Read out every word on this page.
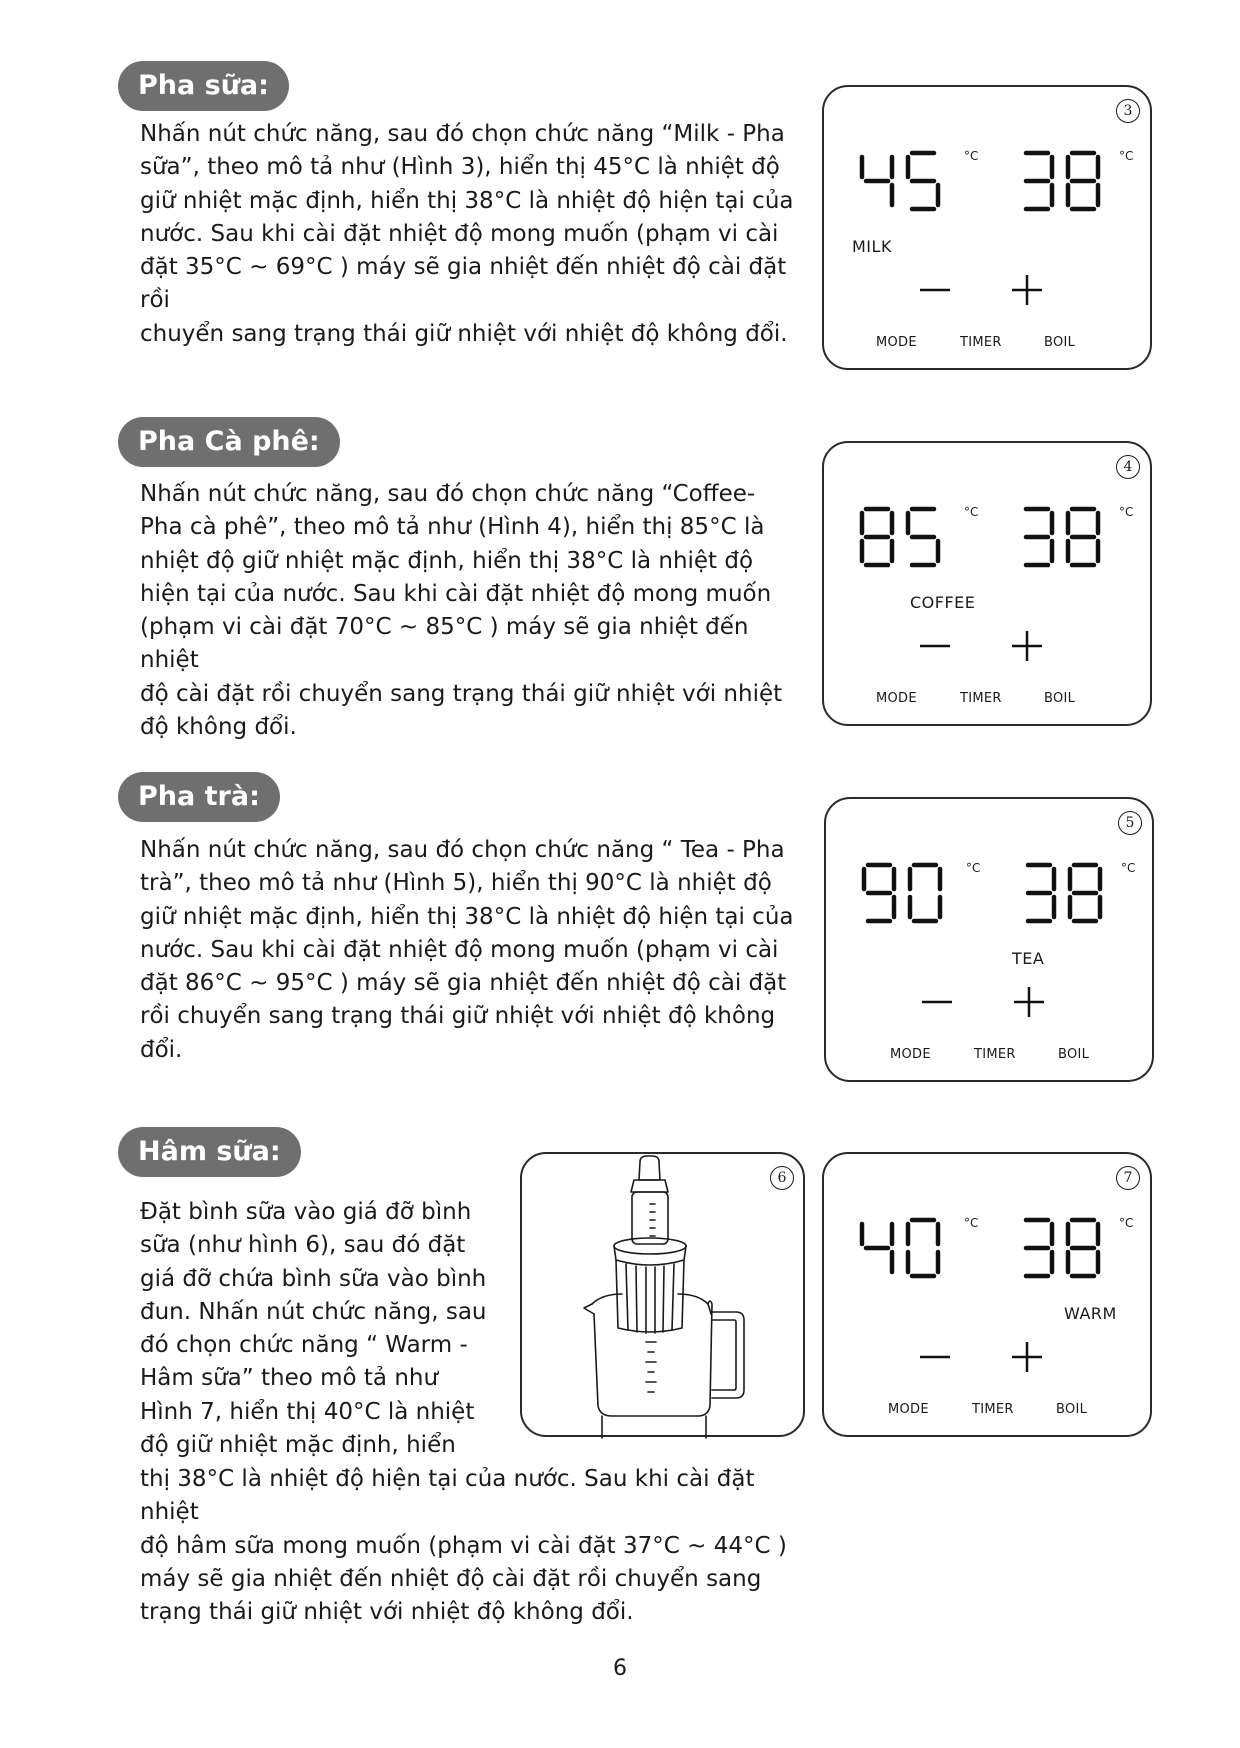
Pha sữa:
Nhấn nút chức năng, sau đó chọn chức năng “Milk - Pha
sữa”, theo mô tả như (Hình 3), hiển thị 45°C là nhiệt độ
giữ nhiệt mặc định, hiển thị 38°C là nhiệt độ hiện tại của
nước. Sau khi cài đặt nhiệt độ mong muốn (phạm vi cài
đặt 35°C ~ 69°C ) máy sẽ gia nhiệt đến nhiệt độ cài đặt rồi
chuyển sang trạng thái giữ nhiệt với nhiệt độ không đổi.
Pha Cà phê:
Nhấn nút chức năng, sau đó chọn chức năng “Coffee-
Pha cà phê”, theo mô tả như (Hình 4), hiển thị 85°C là
nhiệt độ giữ nhiệt mặc định, hiển thị 38°C là nhiệt độ
hiện tại của nước. Sau khi cài đặt nhiệt độ mong muốn
(phạm vi cài đặt 70°C ~ 85°C ) máy sẽ gia nhiệt đến nhiệt
độ cài đặt rồi chuyển sang trạng thái giữ nhiệt với nhiệt
độ không đổi.
Pha trà:
Nhấn nút chức năng, sau đó chọn chức năng “ Tea - Pha
trà”, theo mô tả như (Hình 5), hiển thị 90°C là nhiệt độ
giữ nhiệt mặc định, hiển thị 38°C là nhiệt độ hiện tại của
nước. Sau khi cài đặt nhiệt độ mong muốn (phạm vi cài
đặt 86°C ~ 95°C ) máy sẽ gia nhiệt đến nhiệt độ cài đặt
rồi chuyển sang trạng thái giữ nhiệt với nhiệt độ không
đổi.
Hâm sữa:
Đặt bình sữa vào giá đỡ bình
sữa (như hình 6), sau đó đặt
giá đỡ chứa bình sữa vào bình
đun. Nhấn nút chức năng, sau
đó chọn chức năng “ Warm -
Hâm sữa” theo mô tả như
Hình 7, hiển thị 40°C là nhiệt
độ giữ nhiệt mặc định, hiển
thị 38°C là nhiệt độ hiện tại của nước. Sau khi cài đặt nhiệt
độ hâm sữa mong muốn (phạm vi cài đặt 37°C ~ 44°C )
máy sẽ gia nhiệt đến nhiệt độ cài đặt rồi chuyển sang
trạng thái giữ nhiệt với nhiệt độ không đổi.
3
°C	°C
MILK
MODE	TIMER	BOIL
4
°C	°C
COFFEE
MODE	TIMER	BOIL
5
°C	°C
TEA
MODE	TIMER	BOIL
7
°C	°C
WARM
MODE	TIMER	BOIL
6
6
